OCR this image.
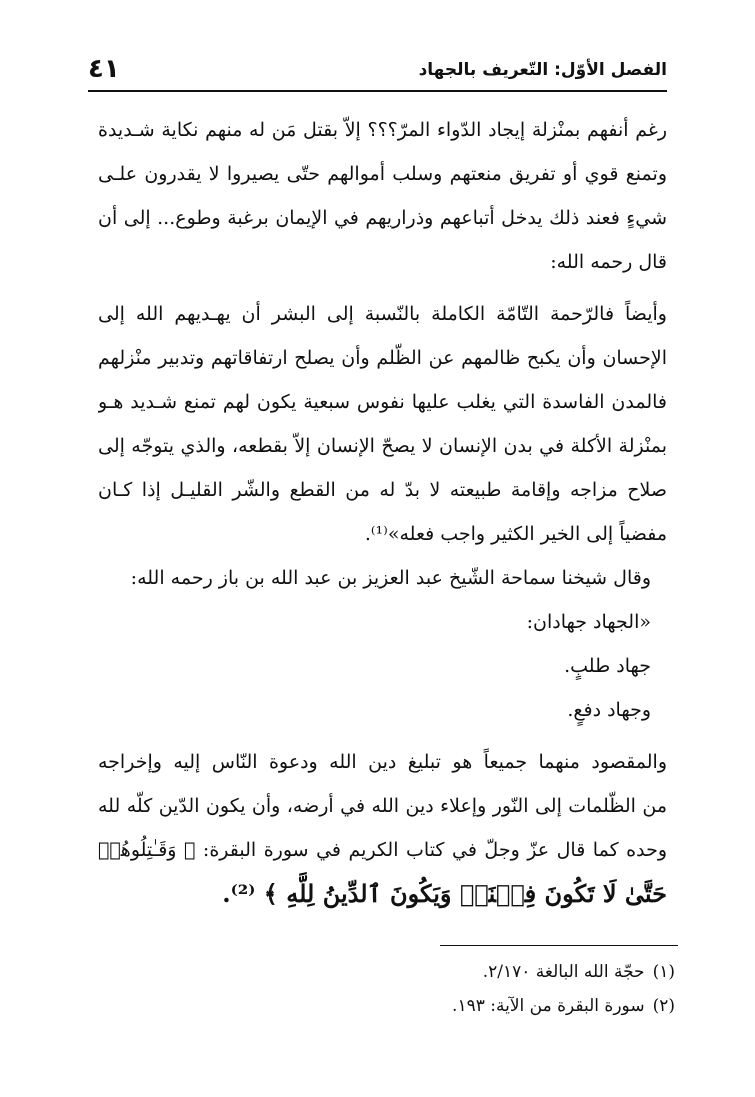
الفصل الأوّل: التّعريف بالجهاد
٤١
رغم أنفهم بمنْزلة إيجاد الدّواء المرّ؟؟؟ إلاّ بقتل مَن له منهم نكاية شـديدة
وتمنع قوي أو تفريق منعتهم وسلب أموالهم حتّى يصيروا لا يقدرون علـى
شيءٍ فعند ذلك يدخل أتباعهم وذراريهم في الإيمان برغبة وطوع... إلى أن
قال رحمه الله:
وأيضاً فالرّحمة التّامّة الكاملة بالنّسبة إلى البشر أن يهـديهم الله إلى
الإحسان وأن يكبح ظالمهم عن الظّلم وأن يصلح ارتفاقاتهم وتدبير منْزلهم
فالمدن الفاسدة التي يغلب عليها نفوس سبعية يكون لهم تمنع شـديد هـو
بمنْزلة الأكلة في بدن الإنسان لا يصحّ الإنسان إلاّ بقطعه، والذي يتوجّه إلى
صلاح مزاجه وإقامة طبيعته لا بدّ له من القطع والشّر القليـل إذا كـان
مفضياً إلى الخير الكثير واجب فعله»⁽¹⁾.
وقال شيخنا سماحة الشّيخ عبد العزيز بن عبد الله بن باز رحمه الله:
«الجهاد جهادان:
جهاد طلبٍ.
وجهاد دفعٍ.
والمقصود منهما جميعاً هو تبليغ دين الله ودعوة النّاس إليه وإخراجه
من الظّلمات إلى النّور وإعلاء دين الله في أرضه، وأن يكون الدّين كلّه لله
وحده كما قال عزّ وجلّ في كتاب الكريم في سورة البقرة: ﴿ وَقَـٰتِلُوهُمۡ
حَتَّىٰ لَا تَكُونَ فِتۡنَةٞ وَيَكُونَ ٱلدِّينُ لِلَّهِ ﴾ ⁽²⁾.
(١)حجّة الله البالغة ٢/١٧٠.
(٢)سورة البقرة من الآية: ١٩٣.
